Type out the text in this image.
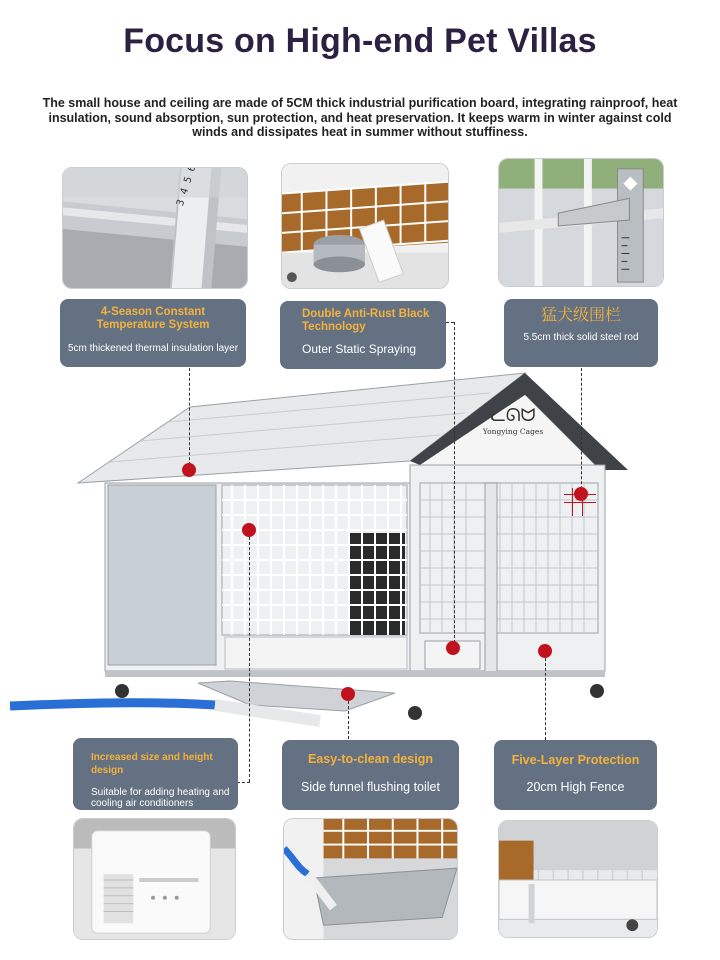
Focus on High-end Pet Villas
The small house and ceiling are made of 5CM thick industrial purification board, integrating rainproof, heat insulation, sound absorption, sun protection, and heat preservation. It keeps warm in winter against cold winds and dissipates heat in summer without stuffiness.
4-Season Constant Temperature System
5cm thickened thermal insulation layer
Double Anti-Rust Black Technology
Outer Static Spraying
猛犬级围栏
5.5cm thick solid steel rod
ᓚᘏᗢ
Yongying Cages
Increased size and height design
Suitable for adding heating and cooling air conditioners
Easy-to-clean design
Side funnel flushing toilet
Five-Layer Protection
20cm High Fence
